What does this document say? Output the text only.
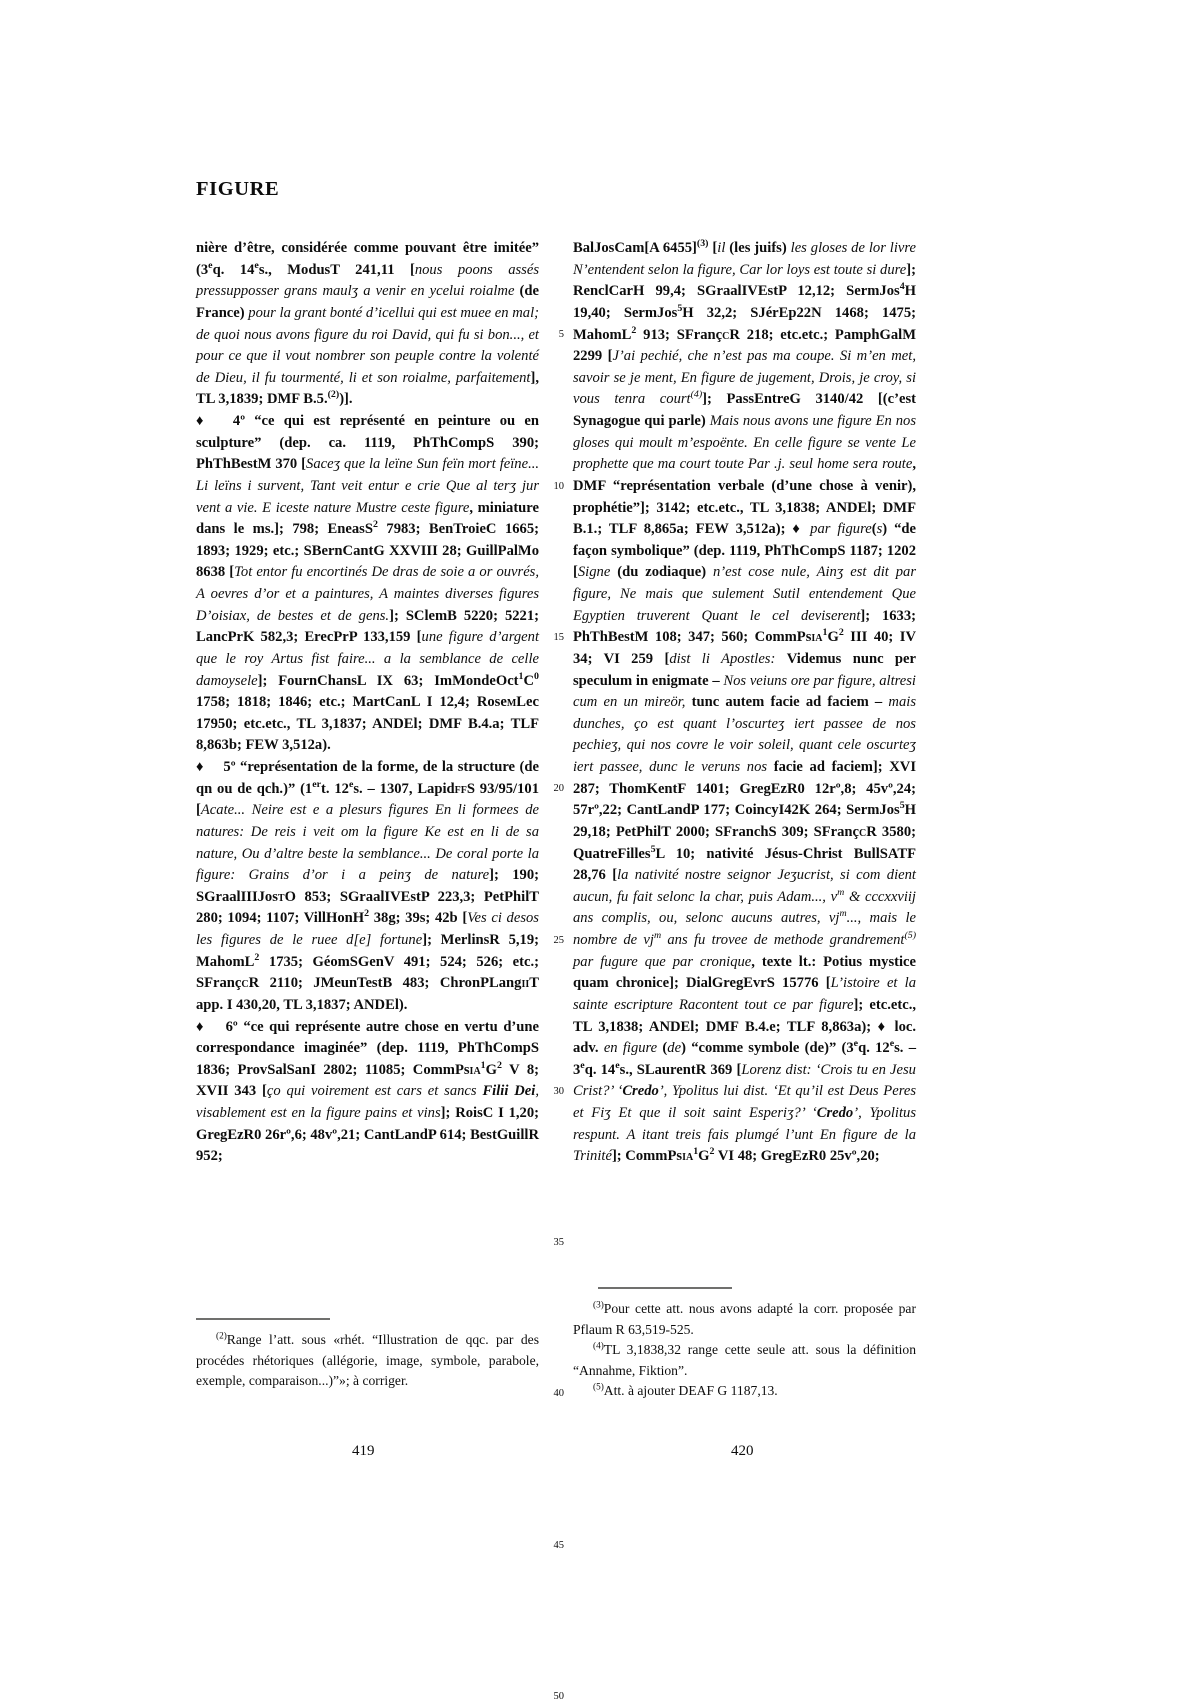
FIGURE
5
10
15
20
25
30
35
40
45
50

nière d’être, considérée comme pouvant être imitée” (3eq. 14es., ModusT 241,11 [nous poons assés pressupposser grans maulʒ a venir en ycelui roialme (de France) pour la grant bonté d’icellui qui est muee en mal; de quoi nous avons figure du roi David, qui fu si bon..., et pour ce que il vout nombrer son peuple contre la volenté de Dieu, il fu tourmenté, li et son roialme, parfaitement], TL 3,1839; DMF B.5.$^{(2)}$)].

♦  4º “ce qui est représenté en peinture ou en sculpture” (dep. ca. 1119, PhThCompS 390; PhThBestM 370 [Saceʒ que la leïne Sun feïn mort feïne... Li leïns i survent, Tant veit entur e crie Que al terʒ jur vent a vie. E iceste nature Mustre ceste figure, miniature dans le ms.]; 798; EneasS$^2$ 7983; BenTroieC 1665; 1893; 1929; etc.; SBernCantG XXVIII 28; GuillPalMo 8638 [Tot entor fu encortinés De dras de soie a or ouvrés, A oevres d’or et a paintures, A maintes diverses figures D’oisiax, de bestes et de gens.]; SClemB 5220; 5221; LancPrK 582,3; ErecPrP 133,159 [une figure d’argent que le roy Artus fist faire... a la semblance de celle damoysele]; FournChansL IX 63; $ImMondeOct^1C^0$ 1758; 1818; 1846; etc.; MartCanL I 12,4; RosemLec 17950; etc.etc., TL 3,1837; ANDEl; DMF B.4.a; TLF 8,863b; FEW 3,512a).

♦  5º “représentation de la forme, de la structure (de qn ou de qch.)” (1ert. 12es. – 1307, LapidffS 93/95/101 [Acate... Neire est e a plesurs figures En li formees de natures: De reis i veit om la figure Ke est en li de sa nature, Ou d’altre beste la semblance... De coral porte la figure: Grains d’or i a peinʒ de nature]; 190; SGraalIIIJostO 853; SGraalIVEstP 223,3; PetPhilT 280; 1094; 1107; VillHonH$^2$ 38g; 39s; 42b [Ves ci desos les figures de le ruee d[e] fortune]; MerlinsR 5,19; MahomL$^2$ 1735; GéomSGenV 491; 524; 526; etc.; SFrançcR 2110; JMeunTestB 483; ChronPLangiiT app. I 430,20, TL 3,1837; ANDEl).

♦  6º “ce qui représente autre chose en vertu d’une correspondance imaginée” (dep. 1119, PhThCompS 1836; ProvSalSanI 2802; 11085; $CommPsia^1G^2$ V 8; XVII 343 [ço qui voirement est cars et sancs Filii Dei, visablement est en la figure pains et vins]; RoisC I 1,20; GregEzR0 26rº,6; 48vº,21; CantLandP 614; BestGuillR 952;

BalJosCam[A 6455]$^{(3)}$ [il (les juifs) les gloses de lor livre N’entendent selon la figure, Car lor loys est toute si dure]; RenclCarH 99,4; SGraalIVEstP 12,12; SermJos$^4$H 19,40; SermJos$^5$H 32,2; SJérEp22N 1468; 1475; MahomL$^2$ 913; SFrançcR 218; etc.etc.; PamphGalM 2299 [J’ai pechié, che n’est pas ma coupe. Si m’en met, savoir se je ment, En figure de jugement, Drois, je croy, si vous tenra court$^{(4)}$]; PassEntreG 3140/42 [(c’est Synagogue qui parle) Mais nous avons une figure En nos gloses qui moult m’espoënte. En celle figure se vente Le prophette que ma court toute Par .j. seul home sera route, DMF “représentation verbale (d’une chose à venir), prophétie”]; 3142; etc.etc., TL 3,1838; ANDEl; DMF B.1.; TLF 8,865a; FEW 3,512a); ♦ par figure(s) “de façon symbolique” (dep. 1119, PhThCompS 1187; 1202 [Signe (du zodiaque) n’est cose nule, Ainʒ est dit par figure, Ne mais que sulement Sutil entendement Que Egyptien truverent Quant le cel deviserent]; 1633; PhThBestM 108; 347; 560; $CommPsia^1G^2$ III 40; IV 34; VI 259 [dist li Apostles: Videmus nunc per speculum in enigmate – Nos veiuns ore par figure, altresi cum en un mireör, tunc autem facie ad faciem – mais dunches, ço est quant l’oscurteʒ iert passee de nos pechieʒ, qui nos covre le voir soleil, quant cele oscurteʒ iert passee, dunc le veruns nos facie ad faciem]; XVI 287; ThomKentF 1401; GregEzR0 12rº,8; 45vº,24; 57rº,22; CantLandP 177; CoincyI42K 264; SermJos$^5$H 29,18; PetPhilT 2000; SFranchS 309; SFrançcR 3580; QuatreFilles$^5$L 10; nativité Jésus-Christ BullSATF 28,76 [la nativité nostre seignor Jeʒucrist, si com dient aucun, fu fait selonc la char, puis Adam..., $v^m$ & cccxxviij ans complis, ou, selonc aucuns autres, $vj^m$..., mais le nombre de $vj^m$ ans fu trovee de methode grandrement$^{(5)}$ par fugure que par cronique, texte lt.: Potius mystice quam chronice]; DialGregEvrS 15776 [L’istoire et la sainte escripture Racontent tout ce par figure]; etc.etc., TL 3,1838; ANDEl; DMF B.4.e; TLF 8,863a); ♦ loc. adv. en figure (de) “comme symbole (de)” (3eq. 12es. – 3eq. 14es., SLaurentR 369 [Lorenz dist: ‘Crois tu en Jesu Crist?’ ‘Credo’, Ypolitus lui dist. ‘Et qu’il est Deus Peres et Fiʒ Et que il soit saint Esperiʒ?’ ‘Credo’, Ypolitus respunt. A itant treis fais plumgé l’unt En figure de la Trinité]; $CommPsia^1G^2$ VI 48; GregEzR0 25vº,20;

$^{(2)}$Range l’att. sous «rhét. “Illustration de qqc. par des procédes rhétoriques (allégorie, image, symbole, parabole, exemple, comparaison...)”»; à corriger.

$^{(3)}$Pour cette att. nous avons adapté la corr. proposée par Pflaum R 63,519-525.

$^{(4)}$TL 3,1838,32 range cette seule att. sous la définition “Annahme, Fiktion”.

$^{(5)}$Att. à ajouter DEAF G 1187,13.

419	420
